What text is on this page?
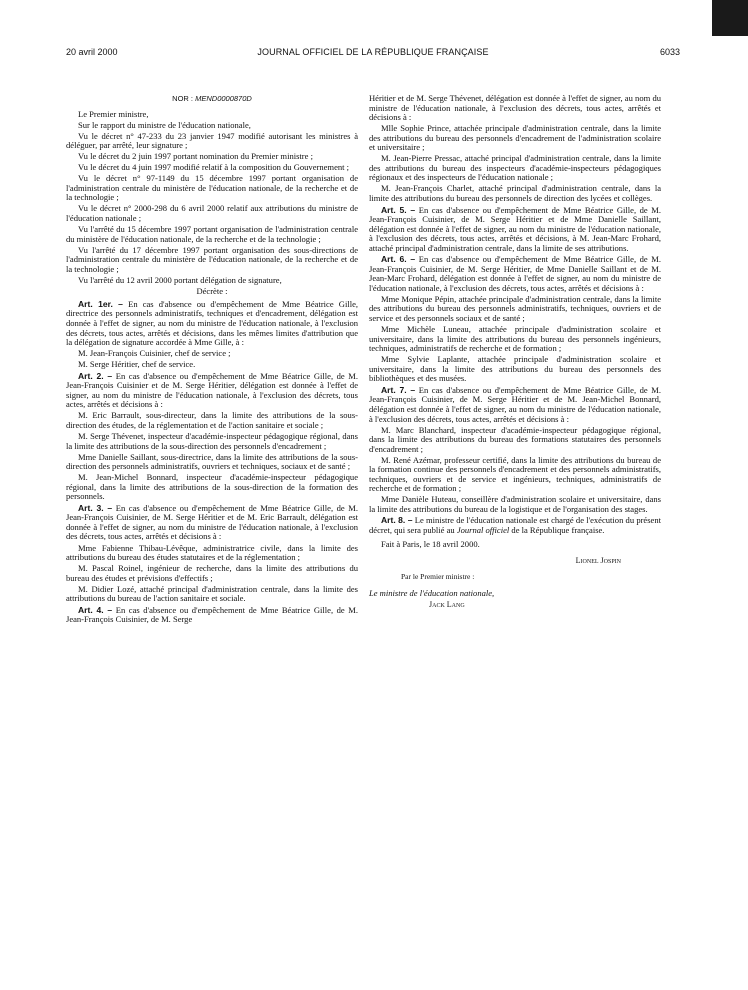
20 avril 2000	JOURNAL OFFICIEL DE LA RÉPUBLIQUE FRANÇAISE	6033

NOR : MEND0000870D

Le Premier ministre,

Sur le rapport du ministre de l'éducation nationale,

Vu le décret n° 47-233 du 23 janvier 1947 modifié autorisant les ministres à déléguer, par arrêté, leur signature ;

Vu le décret du 2 juin 1997 portant nomination du Premier ministre ;

Vu le décret du 4 juin 1997 modifié relatif à la composition du Gouvernement ;

Vu le décret n° 97-1149 du 15 décembre 1997 portant organisation de l'administration centrale du ministère de l'éducation nationale, de la recherche et de la technologie ;

Vu le décret n° 2000-298 du 6 avril 2000 relatif aux attributions du ministre de l'éducation nationale ;

Vu l'arrêté du 15 décembre 1997 portant organisation de l'administration centrale du ministère de l'éducation nationale, de la recherche et de la technologie ;

Vu l'arrêté du 17 décembre 1997 portant organisation des sous-directions de l'administration centrale du ministère de l'éducation nationale, de la recherche et de la technologie ;

Vu l'arrêté du 12 avril 2000 portant délégation de signature,

Décrète :

Art. 1er. – En cas d'absence ou d'empêchement de Mme Béatrice Gille, directrice des personnels administratifs, techniques et d'encadrement, délégation est donnée à l'effet de signer, au nom du ministre de l'éducation nationale, à l'exclusion des décrets, tous actes, arrêtés et décisions, dans les mêmes limites d'attribution que la délégation de signature accordée à Mme Gille, à :

M. Jean-François Cuisinier, chef de service ;

M. Serge Héritier, chef de service.

Art. 2. – En cas d'absence ou d'empêchement de Mme Béatrice Gille, de M. Jean-François Cuisinier et de M. Serge Héritier, délégation est donnée à l'effet de signer, au nom du ministre de l'éducation nationale, à l'exclusion des décrets, tous actes, arrêtés et décisions à :

M. Eric Barrault, sous-directeur, dans la limite des attributions de la sous-direction des études, de la réglementation et de l'action sanitaire et sociale ;

M. Serge Thévenet, inspecteur d'académie-inspecteur pédagogique régional, dans la limite des attributions de la sous-direction des personnels d'encadrement ;

Mme Danielle Saillant, sous-directrice, dans la limite des attributions de la sous-direction des personnels administratifs, ouvriers et techniques, sociaux et de santé ;

M. Jean-Michel Bonnard, inspecteur d'académie-inspecteur pédagogique régional, dans la limite des attributions de la sous-direction de la formation des personnels.

Art. 3. – En cas d'absence ou d'empêchement de Mme Béatrice Gille, de M. Jean-François Cuisinier, de M. Serge Héritier et de M. Eric Barrault, délégation est donnée à l'effet de signer, au nom du ministre de l'éducation nationale, à l'exclusion des décrets, tous actes, arrêtés et décisions à :

Mme Fabienne Thibau-Lévêque, administratrice civile, dans la limite des attributions du bureau des études statutaires et de la réglementation ;

M. Pascal Roinel, ingénieur de recherche, dans la limite des attributions du bureau des études et prévisions d'effectifs ;

M. Didier Lozé, attaché principal d'administration centrale, dans la limite des attributions du bureau de l'action sanitaire et sociale.

Art. 4. – En cas d'absence ou d'empêchement de Mme Béatrice Gille, de M. Jean-François Cuisinier, de M. Serge

Héritier et de M. Serge Thévenet, délégation est donnée à l'effet de signer, au nom du ministre de l'éducation nationale, à l'exclusion des décrets, tous actes, arrêtés et décisions à :

Mlle Sophie Prince, attachée principale d'administration centrale, dans la limite des attributions du bureau des personnels d'encadrement de l'administration scolaire et universitaire ;

M. Jean-Pierre Pressac, attaché principal d'administration centrale, dans la limite des attributions du bureau des inspecteurs d'académie-inspecteurs pédagogiques régionaux et des inspecteurs de l'éducation nationale ;

M. Jean-François Charlet, attaché principal d'administration centrale, dans la limite des attributions du bureau des personnels de direction des lycées et collèges.

Art. 5. – En cas d'absence ou d'empêchement de Mme Béatrice Gille, de M. Jean-François Cuisinier, de M. Serge Héritier et de Mme Danielle Saillant, délégation est donnée à l'effet de signer, au nom du ministre de l'éducation nationale, à l'exclusion des décrets, tous actes, arrêtés et décisions, à M. Jean-Marc Frohard, attaché principal d'administration centrale, dans la limite de ses attributions.

Art. 6. – En cas d'absence ou d'empêchement de Mme Béatrice Gille, de M. Jean-François Cuisinier, de M. Serge Héritier, de Mme Danielle Saillant et de M. Jean-Marc Frohard, délégation est donnée à l'effet de signer, au nom du ministre de l'éducation nationale, à l'exclusion des décrets, tous actes, arrêtés et décisions à :

Mme Monique Pépin, attachée principale d'administration centrale, dans la limite des attributions du bureau des personnels administratifs, techniques, ouvriers et de service et des personnels sociaux et de santé ;

Mme Michèle Luneau, attachée principale d'administration scolaire et universitaire, dans la limite des attributions du bureau des personnels ingénieurs, techniques, administratifs de recherche et de formation ;

Mme Sylvie Laplante, attachée principale d'administration scolaire et universitaire, dans la limite des attributions du bureau des personnels des bibliothèques et des musées.

Art. 7. – En cas d'absence ou d'empêchement de Mme Béatrice Gille, de M. Jean-François Cuisinier, de M. Serge Héritier et de M. Jean-Michel Bonnard, délégation est donnée à l'effet de signer, au nom du ministre de l'éducation nationale, à l'exclusion des décrets, tous actes, arrêtés et décisions à :

M. Marc Blanchard, inspecteur d'académie-inspecteur pédagogique régional, dans la limite des attributions du bureau des formations statutaires des personnels d'encadrement ;

M. René Azémar, professeur certifié, dans la limite des attributions du bureau de la formation continue des personnels d'encadrement et des personnels administratifs, techniques, ouvriers et de service et ingénieurs, techniques, administratifs de recherche et de formation ;

Mme Danièle Huteau, conseillère d'administration scolaire et universitaire, dans la limite des attributions du bureau de la logistique et de l'organisation des stages.

Art. 8. – Le ministre de l'éducation nationale est chargé de l'exécution du présent décret, qui sera publié au Journal officiel de la République française.

Fait à Paris, le 18 avril 2000.

Lionel Jospin

Par le Premier ministre :

Le ministre de l'éducation nationale,

Jack Lang
